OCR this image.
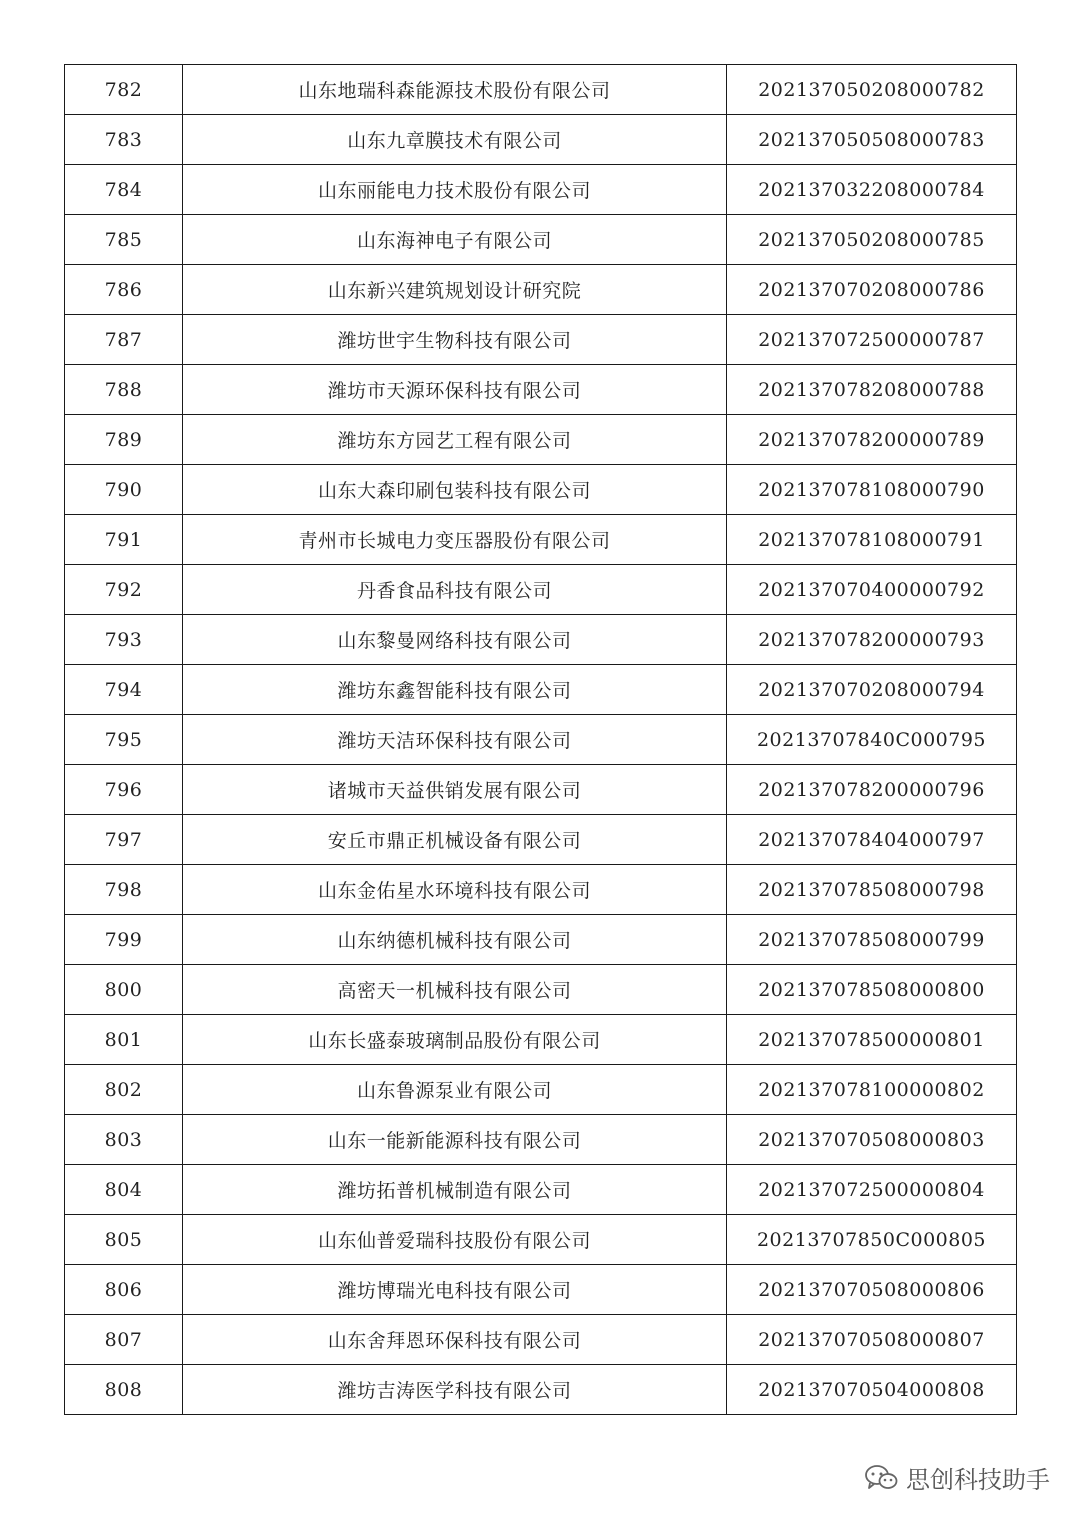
782	山东地瑞科森能源技术股份有限公司	202137050208000782
783	山东九章膜技术有限公司	202137050508000783
784	山东丽能电力技术股份有限公司	202137032208000784
785	山东海神电子有限公司	202137050208000785
786	山东新兴建筑规划设计研究院	202137070208000786
787	潍坊世宇生物科技有限公司	202137072500000787
788	潍坊市天源环保科技有限公司	202137078208000788
789	潍坊东方园艺工程有限公司	202137078200000789
790	山东大森印刷包装科技有限公司	202137078108000790
791	青州市长城电力变压器股份有限公司	202137078108000791
792	丹香食品科技有限公司	202137070400000792
793	山东黎曼网络科技有限公司	202137078200000793
794	潍坊东鑫智能科技有限公司	202137070208000794
795	潍坊天洁环保科技有限公司	20213707840C000795
796	诸城市天益供销发展有限公司	202137078200000796
797	安丘市鼎正机械设备有限公司	202137078404000797
798	山东金佑星水环境科技有限公司	202137078508000798
799	山东纳德机械科技有限公司	202137078508000799
800	高密天一机械科技有限公司	202137078508000800
801	山东长盛泰玻璃制品股份有限公司	202137078500000801
802	山东鲁源泵业有限公司	202137078100000802
803	山东一能新能源科技有限公司	202137070508000803
804	潍坊拓普机械制造有限公司	202137072500000804
805	山东仙普爱瑞科技股份有限公司	20213707850C000805
806	潍坊博瑞光电科技有限公司	202137070508000806
807	山东舍拜恩环保科技有限公司	202137070508000807
808	潍坊吉涛医学科技有限公司	202137070504000808
思创科技助手
